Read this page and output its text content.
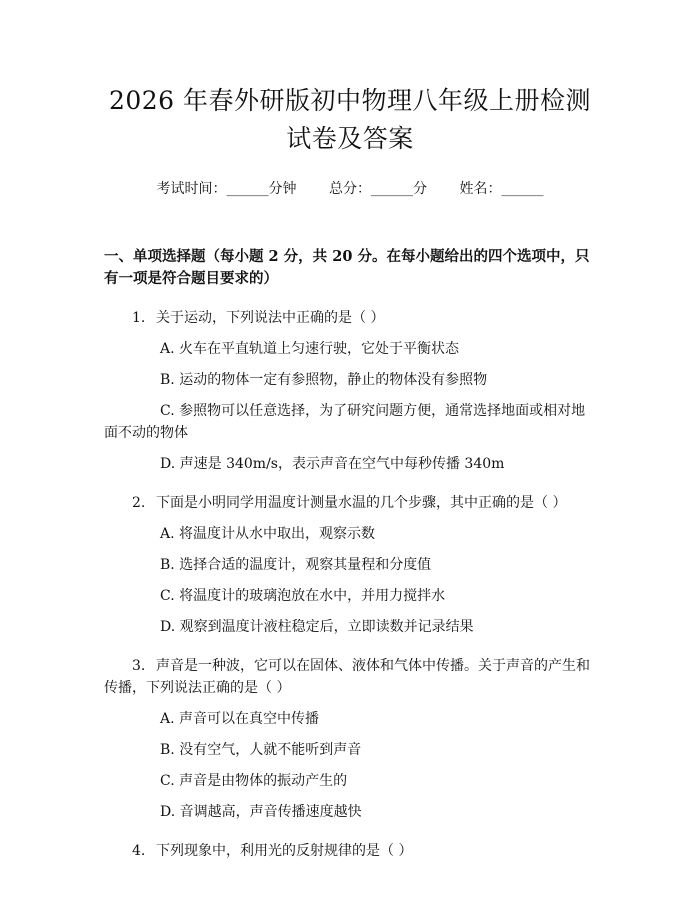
2026 年春外研版初中物理八年级上册检测试卷及答案
考试时间：______分钟 总分：______分 姓名：______
一、单项选择题（每小题 2 分，共 20 分。在每小题给出的四个选项中，只有一项是符合题目要求的）
1. 关于运动，下列说法中正确的是（ ）
A. 火车在平直轨道上匀速行驶，它处于平衡状态
B. 运动的物体一定有参照物，静止的物体没有参照物
C. 参照物可以任意选择，为了研究问题方便，通常选择地面或相对地面不动的物体
D. 声速是 340m/s，表示声音在空气中每秒传播 340m
2. 下面是小明同学用温度计测量水温的几个步骤，其中正确的是（ ）
A. 将温度计从水中取出，观察示数
B. 选择合适的温度计，观察其量程和分度值
C. 将温度计的玻璃泡放在水中，并用力搅拌水
D. 观察到温度计液柱稳定后，立即读数并记录结果
3. 声音是一种波，它可以在固体、液体和气体中传播。关于声音的产生和传播，下列说法正确的是（ ）
A. 声音可以在真空中传播
B. 没有空气，人就不能听到声音
C. 声音是由物体的振动产生的
D. 音调越高，声音传播速度越快
4. 下列现象中，利用光的反射规律的是（ ）
